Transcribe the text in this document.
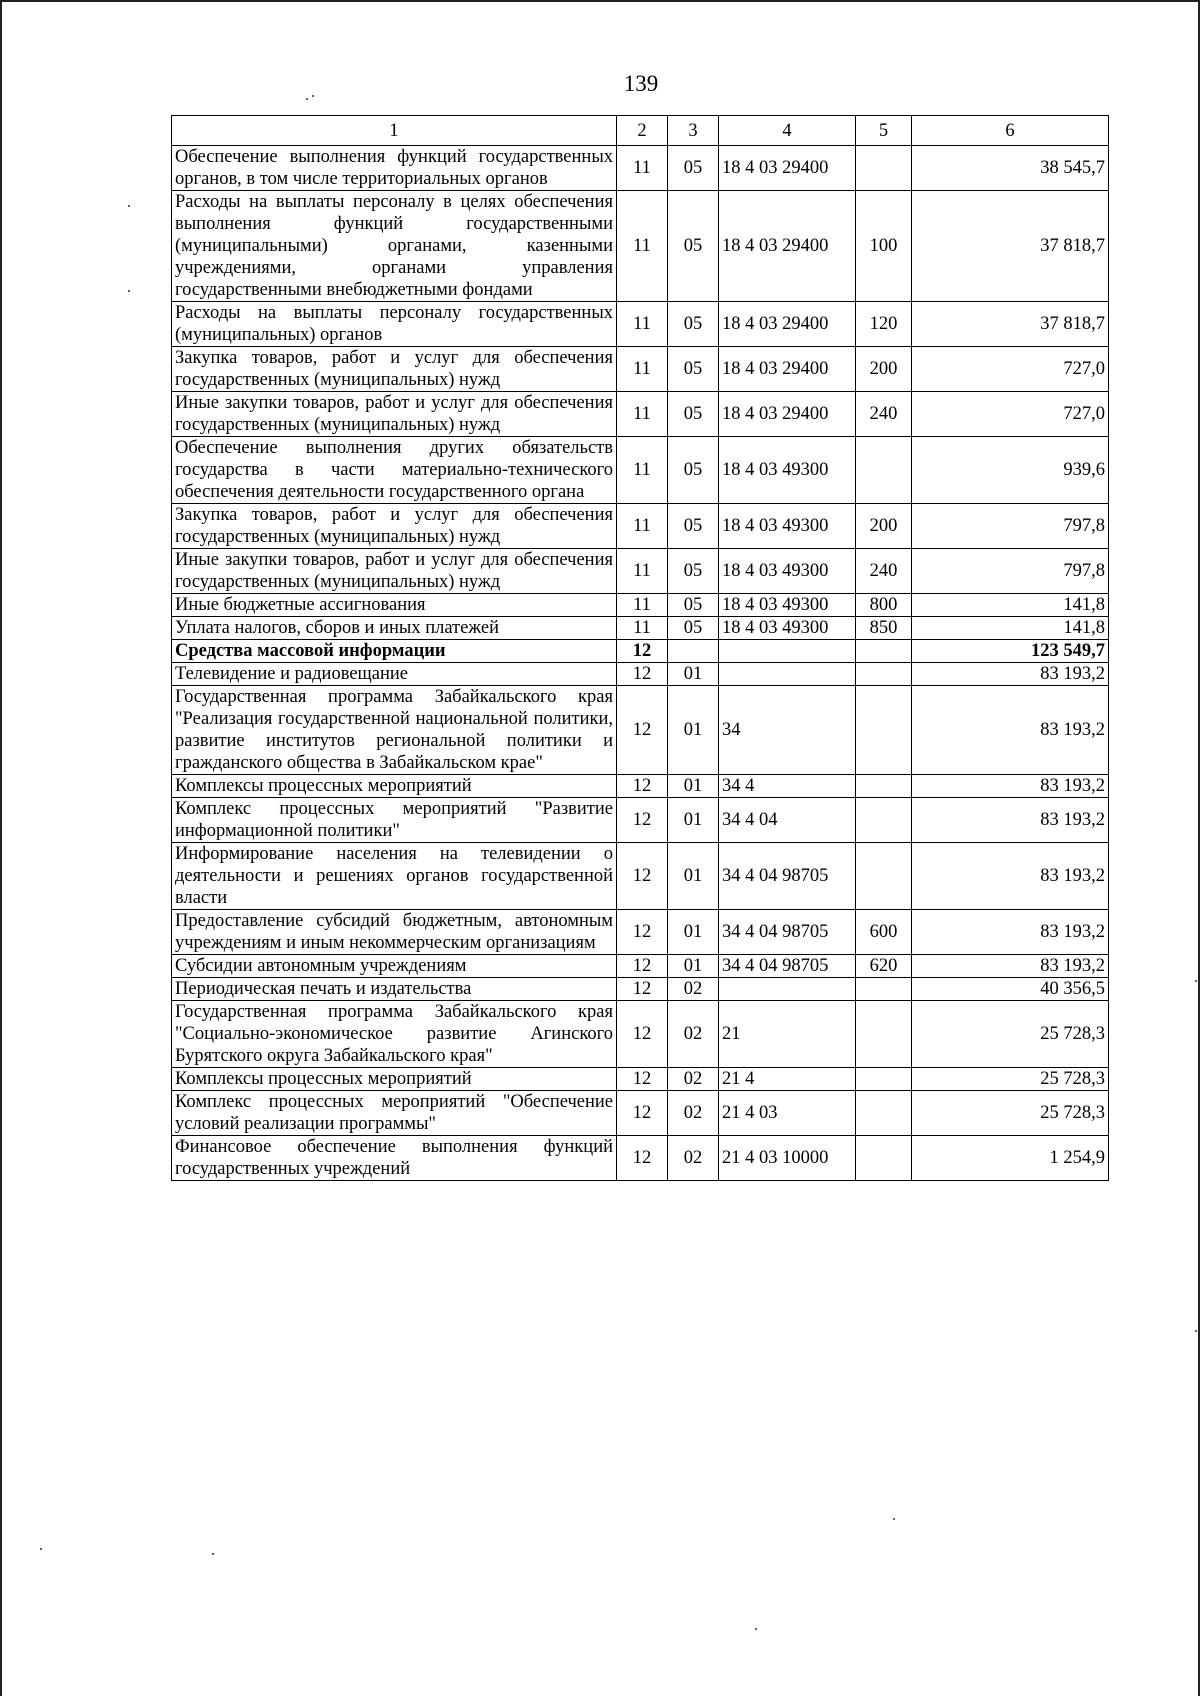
139
1	2	3	4	5	6
Обеспечение выполнения функций государственных органов, в том числе территориальных органов	11	05	18 4 03 29400		38 545,7
Расходы на выплаты персоналу в целях обеспечения выполнения функций государственными (муниципальными) органами, казенными учреждениями, органами управления государственными внебюджетными фондами	11	05	18 4 03 29400	100	37 818,7
Расходы на выплаты персоналу государственных (муниципальных) органов	11	05	18 4 03 29400	120	37 818,7
Закупка товаров, работ и услуг для обеспечения государственных (муниципальных) нужд	11	05	18 4 03 29400	200	727,0
Иные закупки товаров, работ и услуг для обеспечения государственных (муниципальных) нужд	11	05	18 4 03 29400	240	727,0
Обеспечение выполнения других обязательств государства в части материально-технического обеспечения деятельности государственного органа	11	05	18 4 03 49300		939,6
Закупка товаров, работ и услуг для обеспечения государственных (муниципальных) нужд	11	05	18 4 03 49300	200	797,8
Иные закупки товаров, работ и услуг для обеспечения государственных (муниципальных) нужд	11	05	18 4 03 49300	240	797,8
Иные бюджетные ассигнования	11	05	18 4 03 49300	800	141,8
Уплата налогов, сборов и иных платежей	11	05	18 4 03 49300	850	141,8
Средства массовой информации	12				123 549,7
Телевидение и радиовещание	12	01			83 193,2
Государственная программа Забайкальского края "Реализация государственной национальной политики, развитие институтов региональной политики и гражданского общества в Забайкальском крае"	12	01	34		83 193,2
Комплексы процессных мероприятий	12	01	34 4		83 193,2
Комплекс процессных мероприятий "Развитие информационной политики"	12	01	34 4 04		83 193,2
Информирование населения на телевидении о деятельности и решениях органов государственной власти	12	01	34 4 04 98705		83 193,2
Предоставление субсидий бюджетным, автономным учреждениям и иным некоммерческим организациям	12	01	34 4 04 98705	600	83 193,2
Субсидии автономным учреждениям	12	01	34 4 04 98705	620	83 193,2
Периодическая печать и издательства	12	02			40 356,5
Государственная программа Забайкальского края "Социально-экономическое развитие Агинского Бурятского округа Забайкальского края"	12	02	21		25 728,3
Комплексы процессных мероприятий	12	02	21 4		25 728,3
Комплекс процессных мероприятий "Обеспечение условий реализации программы"	12	02	21 4 03		25 728,3
Финансовое обеспечение выполнения функций государственных учреждений	12	02	21 4 03 10000		1 254,9
